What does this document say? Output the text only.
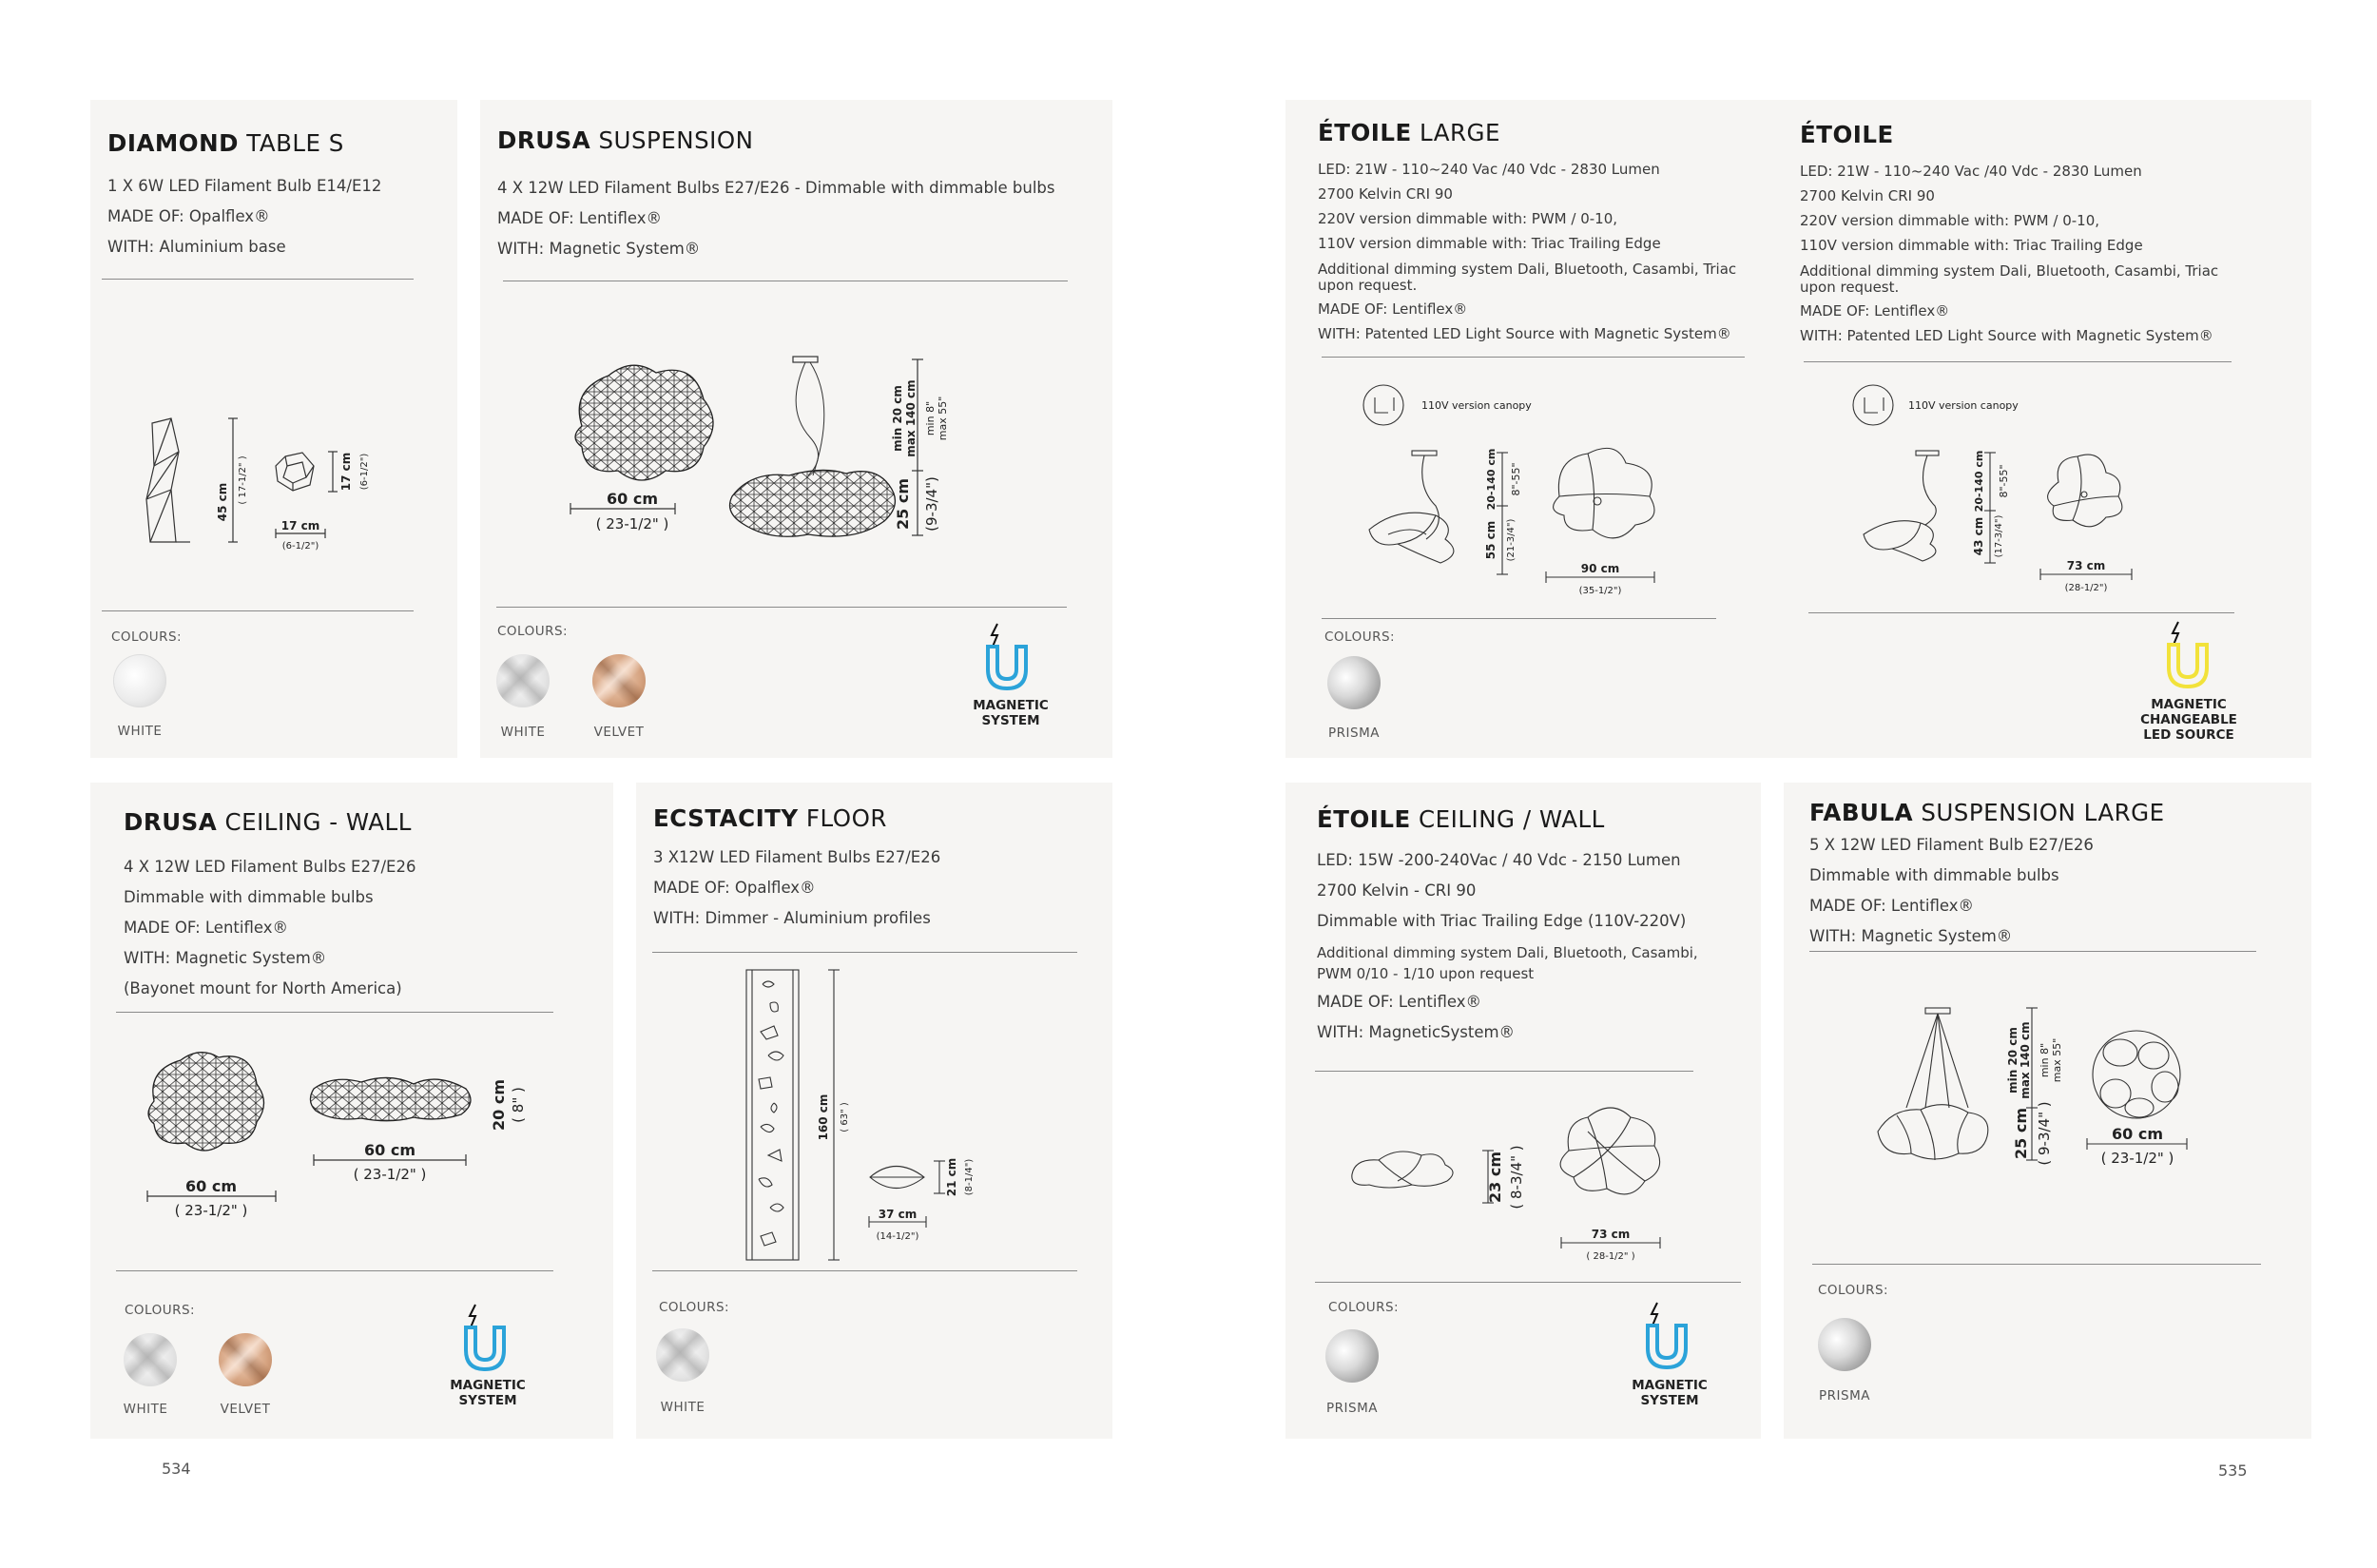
DIAMOND TABLE S
1 X 6W LED Filament Bulb E14/E12
MADE OF: Opalflex®
WITH: Aluminium base
45 cm ( 17-1/2" )	17 cm (6-1/2")
17 cm
(6-1/2")
COLOURS:
WHITE
DRUSA SUSPENSION
4 X 12W LED Filament Bulbs E27/E26 - Dimmable with dimmable bulbs
MADE OF: Lentiflex®
WITH: Magnetic System®
60 cm
( 23-1/2" )
min 20 cm max 140 cm min 8" max 55"
25 cm (9-3/4")
COLOURS:
WHITE	VELVET
MAGNETIC
SYSTEM
ÉTOILE LARGE
LED: 21W - 110~240 Vac /40 Vdc - 2830 Lumen
2700 Kelvin CRI 90
220V version dimmable with: PWM / 0-10,
110V version dimmable with: Triac Trailing Edge
Additional dimming system Dali, Bluetooth, Casambi, Triac upon request.
MADE OF: Lentiflex®
WITH: Patented LED Light Source with Magnetic System®
110V version canopy
20-140 cm 8"-55"
55 cm (21-3/4")
90 cm
(35-1/2")
COLOURS:
PRISMA
ÉTOILE
LED: 21W - 110~240 Vac /40 Vdc - 2830 Lumen
2700 Kelvin CRI 90
220V version dimmable with: PWM / 0-10,
110V version dimmable with: Triac Trailing Edge
Additional dimming system Dali, Bluetooth, Casambi, Triac upon request.
MADE OF: Lentiflex®
WITH: Patented LED Light Source with Magnetic System®
110V version canopy
20-140 cm 8"-55"
43 cm (17-3/4")
73 cm
(28-1/2")
MAGNETIC
CHANGEABLE
LED SOURCE
DRUSA CEILING - WALL
4 X 12W LED Filament Bulbs E27/E26
Dimmable with dimmable bulbs
MADE OF: Lentiflex®
WITH: Magnetic System®
(Bayonet mount for North America)
60 cm
( 23-1/2" )
60 cm
( 23-1/2" )
20 cm ( 8" )
COLOURS:
WHITE	VELVET
MAGNETIC
SYSTEM
ECSTACITY FLOOR
3 X12W LED Filament Bulbs E27/E26
MADE OF: Opalflex®
WITH: Dimmer - Aluminium profiles
160 cm ( 63" )
21 cm (8-1/4")
37 cm
(14-1/2")
COLOURS:
WHITE
ÉTOILE CEILING / WALL
LED: 15W -200-240Vac / 40 Vdc - 2150 Lumen
2700 Kelvin - CRI 90
Dimmable with Triac Trailing Edge (110V-220V)
Additional dimming system Dali, Bluetooth, Casambi, PWM 0/10 - 1/10 upon request
MADE OF: Lentiflex®
WITH: MagneticSystem®
23 cm ( 8-3/4" )
73 cm
( 28-1/2" )
COLOURS:
PRISMA
MAGNETIC
SYSTEM
FABULA SUSPENSION LARGE
5 X 12W LED Filament Bulb E27/E26
Dimmable with dimmable bulbs
MADE OF: Lentiflex®
WITH: Magnetic System®
min 20 cm max 140 cm min 8" max 55"
25 cm ( 9-3/4" )	60 cm
( 23-1/2" )
COLOURS:
PRISMA
534	535
